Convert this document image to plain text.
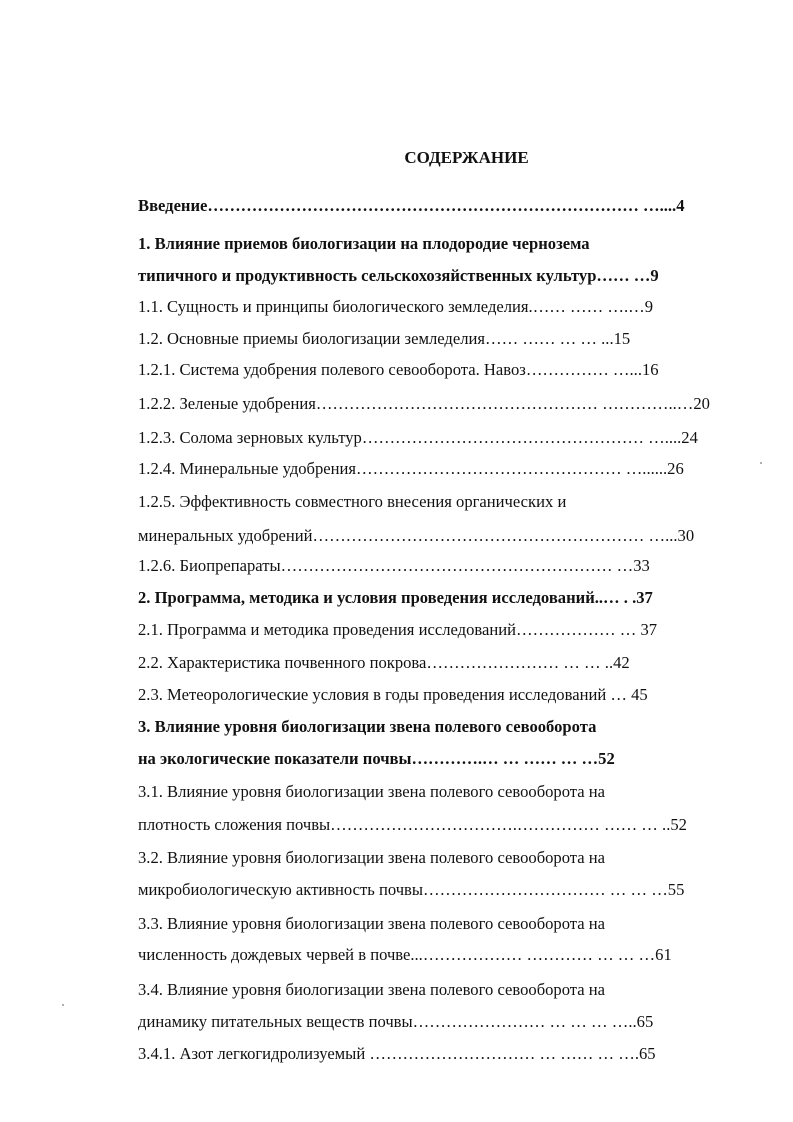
СОДЕРЖАНИЕ
Введение…………………………………………………………………… …....4
1. Влияние приемов биологизации на плодородие чернозема
типичного и продуктивность сельскохозяйственных культур…… …9
1.1. Сущность и принципы биологического земледелия.…… …… ….…9
1.2. Основные приемы биологизации земледелия…… …… … … ...15
1.2.1. Система удобрения полевого севооборота. Навоз…………… …...16
1.2.2. Зеленые удобрения…………………………………………… …………..…20
1.2.3. Солома зерновых культур…………………………………………… …....24
1.2.4. Минеральные удобрения………………………………………… …......26
1.2.5. Эффективность совместного внесения органических и
минеральных удобрений…………………………………………………… …...30
1.2.6. Биопрепараты…………………………………………………… …33
2. Программа, методика и условия проведения исследований..… . .37
2.1. Программа и методика проведения исследований……………… … 37
2.2. Характеристика почвенного покрова…………………… … … ..42
2.3. Метеорологические условия в годы проведения исследований … 45
3. Влияние уровня биологизации звена полевого севооборота
на экологические показатели почвы………….… … …… … …52
3.1. Влияние уровня биологизации звена полевого севооборота на
плотность сложения почвы…………………………….…………… …… … ..52
3.2. Влияние уровня биологизации звена полевого севооборота на
микробиологическую активность почвы…………………………… … … …55
3.3. Влияние уровня биологизации звена полевого севооборота на
численность дождевых червей в почве...……………… ………… … … …61
3.4. Влияние уровня биологизации звена полевого севооборота на
динамику питательных веществ почвы…………………… … … … …..65
3.4.1. Азот легкогидролизуемый ………………………… … …… … ….65
